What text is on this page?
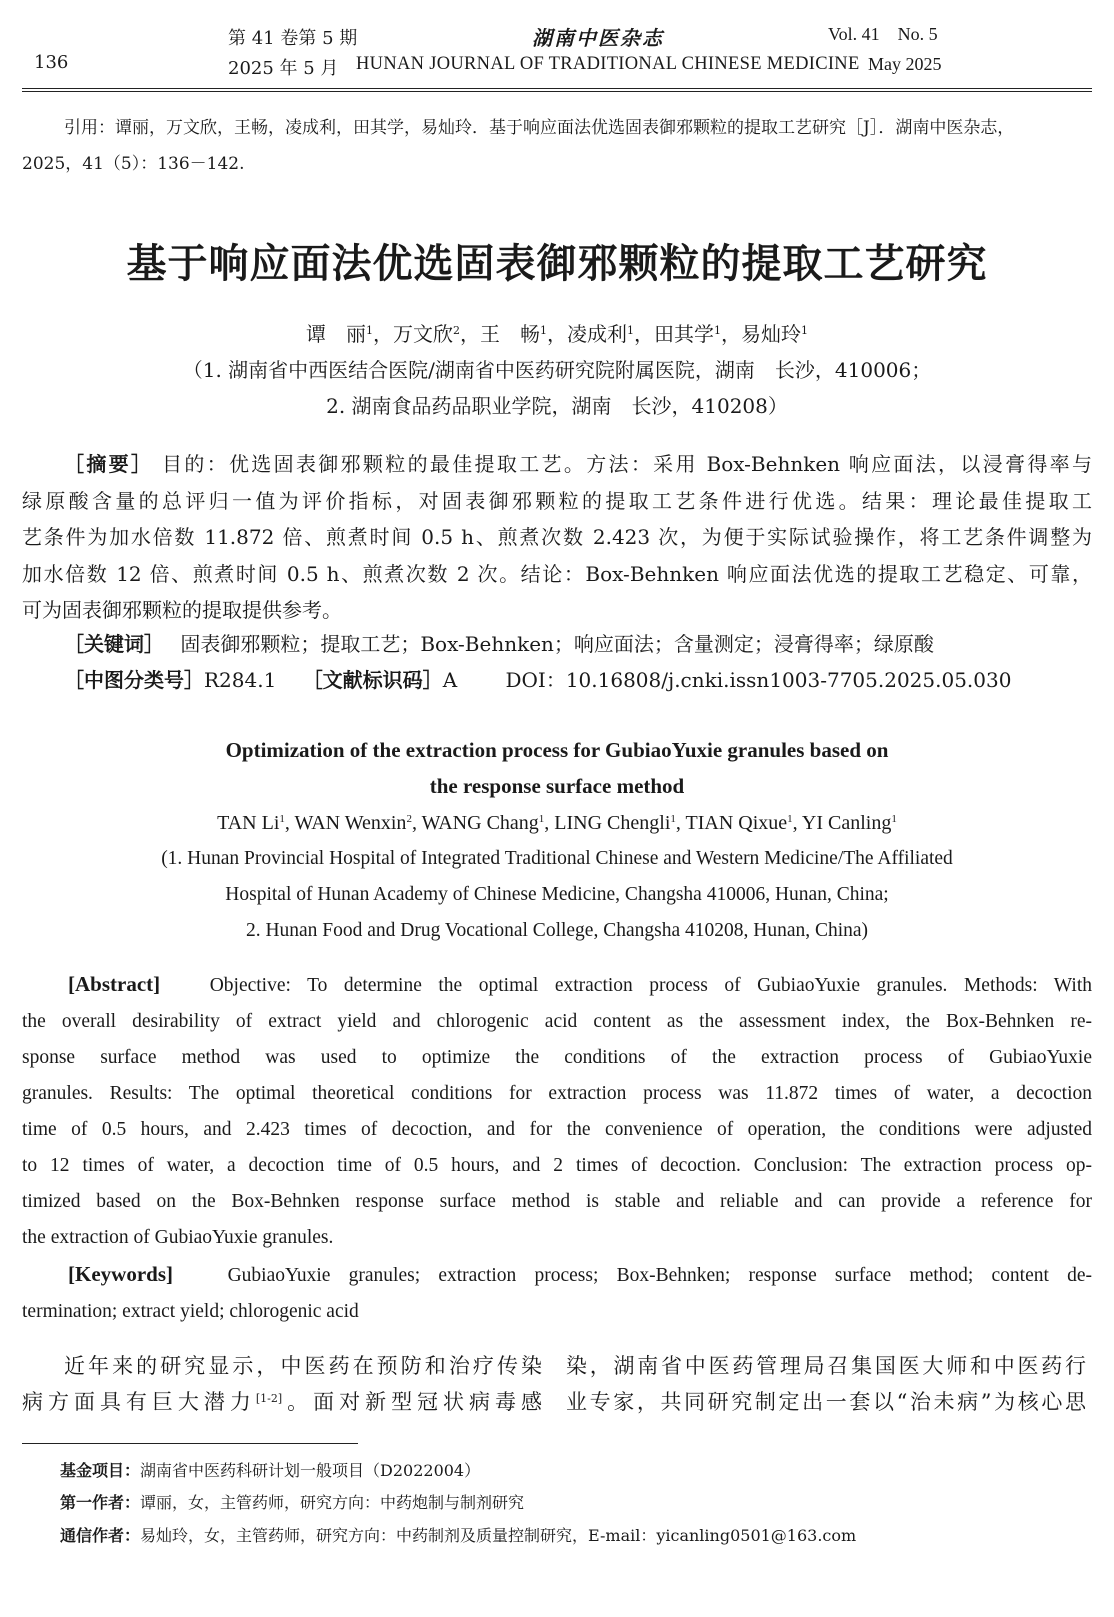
136
第 41 卷第 5 期
2025 年 5 月
湖南中医杂志
HUNAN JOURNAL OF TRADITIONAL CHINESE MEDICINE
Vol. 41    No. 5
May 2025
引用：谭丽，万文欣，王畅，凌成利，田其学，易灿玲．基于响应面法优选固表御邪颗粒的提取工艺研究［J］．湖南中医杂志，
2025，41（5）：136－142.
基于响应面法优选固表御邪颗粒的提取工艺研究
谭　丽$^1$，万文欣$^2$，王　畅$^1$，凌成利$^1$，田其学$^1$，易灿玲$^1$
（1. 湖南省中西医结合医院/湖南省中医药研究院附属医院，湖南　长沙，410006；
2. 湖南食品药品职业学院，湖南　长沙，410208）
［摘要］ 目的：优选固表御邪颗粒的最佳提取工艺。方法：采用 Box-Behnken 响应面法，以浸膏得率与
绿原酸含量的总评归一值为评价指标，对固表御邪颗粒的提取工艺条件进行优选。结果：理论最佳提取工
艺条件为加水倍数 11.872 倍、煎煮时间 0.5 h、煎煮次数 2.423 次，为便于实际试验操作，将工艺条件调整为
加水倍数 12 倍、煎煮时间 0.5 h、煎煮次数 2 次。结论：Box-Behnken 响应面法优选的提取工艺稳定、可靠，
可为固表御邪颗粒的提取提供参考。
［关键词］ 固表御邪颗粒；提取工艺；Box-Behnken；响应面法；含量测定；浸膏得率；绿原酸
［中图分类号］R284.1 ［文献标识码］A DOI：10.16808/j.cnki.issn1003-7705.2025.05.030
Optimization of the extraction process for GubiaoYuxie granules based on
the response surface method
TAN Li$^1$, WAN Wenxin$^2$, WANG Chang$^1$, LING Chengli$^1$, TIAN Qixue$^1$, YI Canling$^1$
(1. Hunan Provincial Hospital of Integrated Traditional Chinese and Western Medicine/The Affiliated
Hospital of Hunan Academy of Chinese Medicine, Changsha 410006, Hunan, China;
2. Hunan Food and Drug Vocational College, Changsha 410208, Hunan, China)
[Abstract]	Objective: To determine the optimal extraction process of GubiaoYuxie granules. Methods: With
the overall desirability of extract yield and chlorogenic acid content as the assessment index, the Box-Behnken re-
sponse surface method was used to optimize the conditions of the extraction process of GubiaoYuxie
granules. Results: The optimal theoretical conditions for extraction process was 11.872 times of water, a decoction
time of 0.5 hours, and 2.423 times of decoction, and for the convenience of operation, the conditions were adjusted
to 12 times of water, a decoction time of 0.5 hours, and 2 times of decoction. Conclusion: The extraction process op-
timized based on the Box-Behnken response surface method is stable and reliable and can provide a reference for
the extraction of GubiaoYuxie granules.
[Keywords]	GubiaoYuxie granules; extraction process; Box-Behnken; response surface method; content de-
termination; extract yield; chlorogenic acid
近年来的研究显示，中医药在预防和治疗传染
病方面具有巨大潜力[1-2]。面对新型冠状病毒感
染，湖南省中医药管理局召集国医大师和中医药行
业专家，共同研究制定出一套以“治未病”为核心思
基金项目：湖南省中医药科研计划一般项目（D2022004）
第一作者：谭丽，女，主管药师，研究方向：中药炮制与制剂研究
通信作者：易灿玲，女，主管药师，研究方向：中药制剂及质量控制研究，E-mail：yicanling0501@163.com
